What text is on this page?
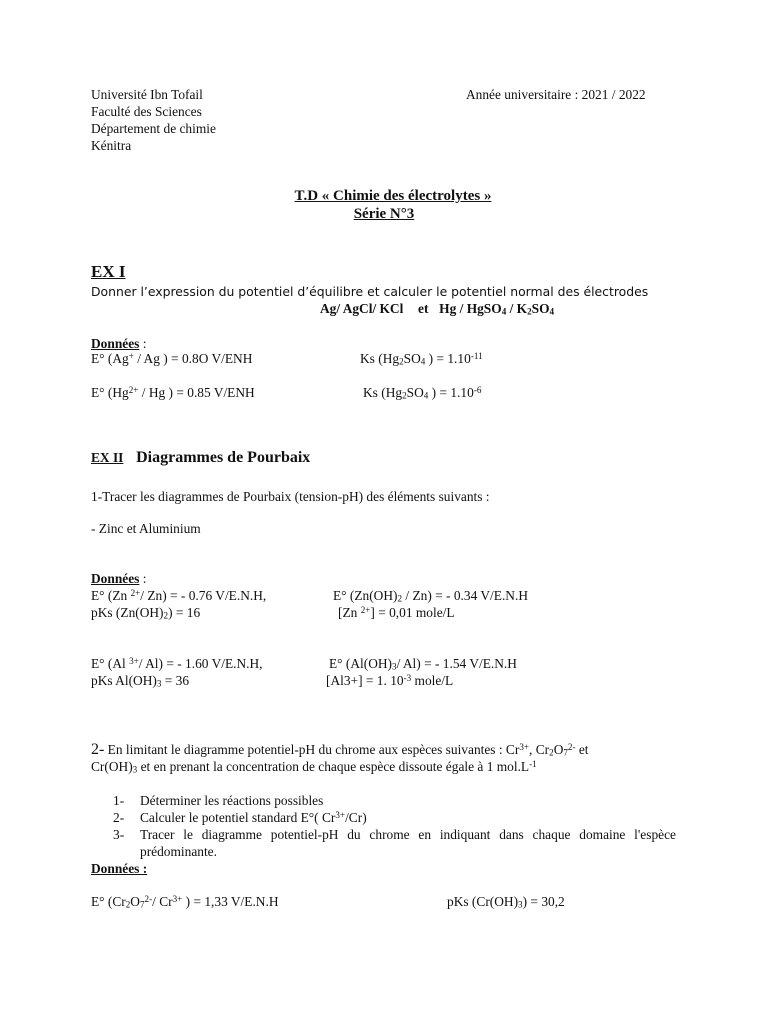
Université Ibn Tofail
Faculté des Sciences
Département de chimie
Kénitra
Année universitaire : 2021 / 2022
T.D « Chimie des électrolytes »
Série N°3
EX I
Donner l’expression du potentiel d’équilibre et calculer le potentiel normal des électrodes
Ag/ AgCl/ KCl et Hg / HgSO$_4$ / $K_2SO_4$
Données :
E° (Ag+ / Ag ) = 0.8O V/ENH	Ks ($Hg_2SO_4$ ) = $1.10^{-11}$
E° ($Hg^{2+}$ / Hg ) = 0.85 V/ENH	Ks ($Hg_2SO_4$ ) = $1.10^{-6}$
EX II Diagrammes de Pourbaix
1-Tracer les diagrammes de Pourbaix (tension-pH) des éléments suivants :
- Zinc et Aluminium
Données :
E° (Zn $^{2+}$/ Zn) = - 0.76 V/E.N.H,	E° $(Zn(OH)_2 / Zn)$ = - 0.34 V/E.N.H
pKs $(Zn(OH)_2) = 16$	[Zn $^{2+}$] = 0,01 mole/L
E° (Al $^{3+}$/ Al) = - 1.60 V/E.N.H,	E° ($Al(OH)_3/$ Al) = - 1.54 V/E.N.H
pKs $Al(OH)_3 = 36$	[Al3+] = 1. $10^{-3}$ mole/L
2- En limitant le diagramme potentiel-pH du chrome aux espèces suivantes : $Cr^{3+}$, $Cr_2O_7^{2-}$ et
$Cr(OH)_3$ et en prenant la concentration de chaque espèce dissoute égale à 1 $mol.L^{-1}$
1- Déterminer les réactions possibles
2- Calculer le potentiel standard E°( $Cr^{3+}/Cr$)
3- Tracer le diagramme potentiel-pH du chrome en indiquant dans chaque domaine l'espèce prédominante.
Données :
E° ($Cr_2O_7^{2-}/$ $Cr^{3+}$ ) = 1,33 V/E.N.H	pKs $(Cr(OH)_3) = 30,2$
